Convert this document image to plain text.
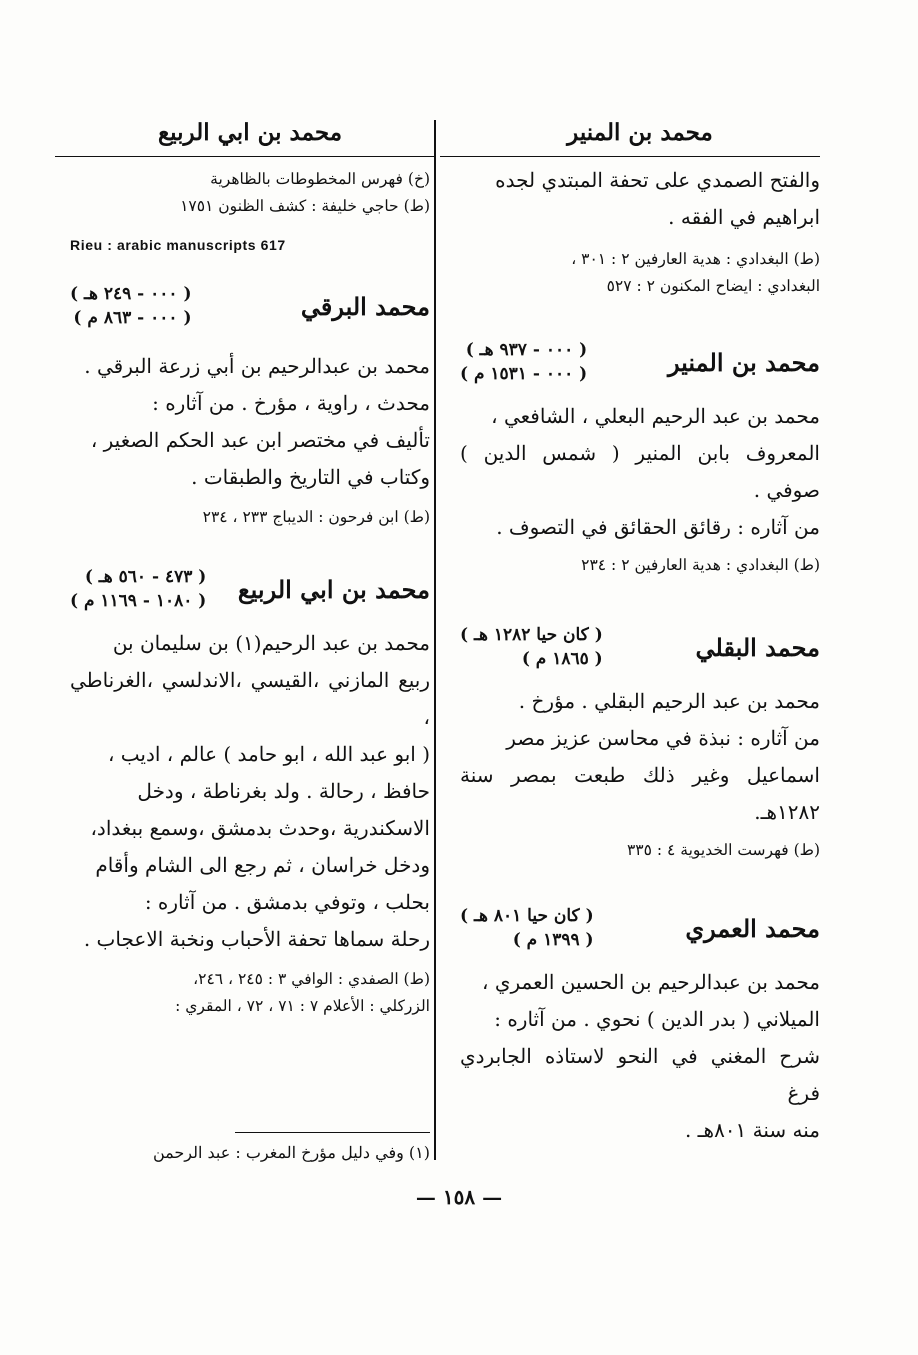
محمد بن المنير

والفتح الصمدي على تحفة المبتدي لجده

ابراهيم في الفقه .

(ط) البغدادي : هدية العارفين ٢ : ٣٠١ ،

البغدادي : ايضاح المكنون ٢ : ٥٢٧

محمد بن المنير
( ٠٠٠ - ٩٣٧ هـ )
( ٠٠٠ - ١٥٣١ م )

محمد بن عبد الرحيم البعلي ، الشافعي ،

المعروف بابن المنير ( شمس الدين ) صوفي .

من آثاره : رقائق الحقائق في التصوف .

(ط) البغدادي : هدية العارفين ٢ : ٢٣٤

محمد البقلي
( كان حيا ١٢٨٢ هـ )
( ١٨٦٥ م )

محمد بن عبد الرحيم البقلي . مؤرخ .

من آثاره : نبذة في محاسن عزيز مصر

اسماعيل وغير ذلك طبعت بمصر سنة ١٢٨٢هـ.

(ط) فهرست الخديوية ٤ : ٣٣٥

محمد العمري
( كان حيا ٨٠١ هـ )
( ١٣٩٩ م )

محمد بن عبدالرحيم بن الحسين العمري ،

الميلاني ( بدر الدين ) نحوي . من آثاره :

شرح المغني في النحو لاستاذه الجابردي فرغ

منه سنة ٨٠١هـ .

محمد بن ابي الربيع

(خ) فهرس المخطوطات بالظاهرية

(ط) حاجي خليفة : كشف الظنون ١٧٥١

Rieu : arabic manuscripts 617

محمد البرقي
( ٠٠٠ - ٢٤٩ هـ )
( ٠٠٠ - ٨٦٣ م )

محمد بن عبدالرحيم بن أبي زرعة البرقي .

محدث ، راوية ، مؤرخ . من آثاره :

تأليف في مختصر ابن عبد الحكم الصغير ،

وكتاب في التاريخ والطبقات .

(ط) ابن فرحون : الديباج ٢٣٣ ، ٢٣٤

محمد بن ابي الربيع
( ٤٧٣ - ٥٦٠ هـ )
( ١٠٨٠ - ١١٦٩ م )

محمد بن عبد الرحيم(١) بن سليمان بن

ربيع المازني ،القيسي ،الاندلسي ،الغرناطي ،

( ابو عبد الله ، ابو حامد ) عالم ، اديب ،

حافظ ، رحالة . ولد بغرناطة ، ودخل

الاسكندرية ،وحدث بدمشق ،وسمع ببغداد،

ودخل خراسان ، ثم رجع الى الشام وأقام

بحلب ، وتوفي بدمشق . من آثاره :

رحلة سماها تحفة الأحباب ونخبة الاعجاب .

(ط) الصفدي : الوافي ٣ : ٢٤٥ ، ٢٤٦،

الزركلي : الأعلام ٧ : ٧١ ، ٧٢ ، المقري :

(١) وفي دليل مؤرخ المغرب : عبد الرحمن
— ١٥٨ —
